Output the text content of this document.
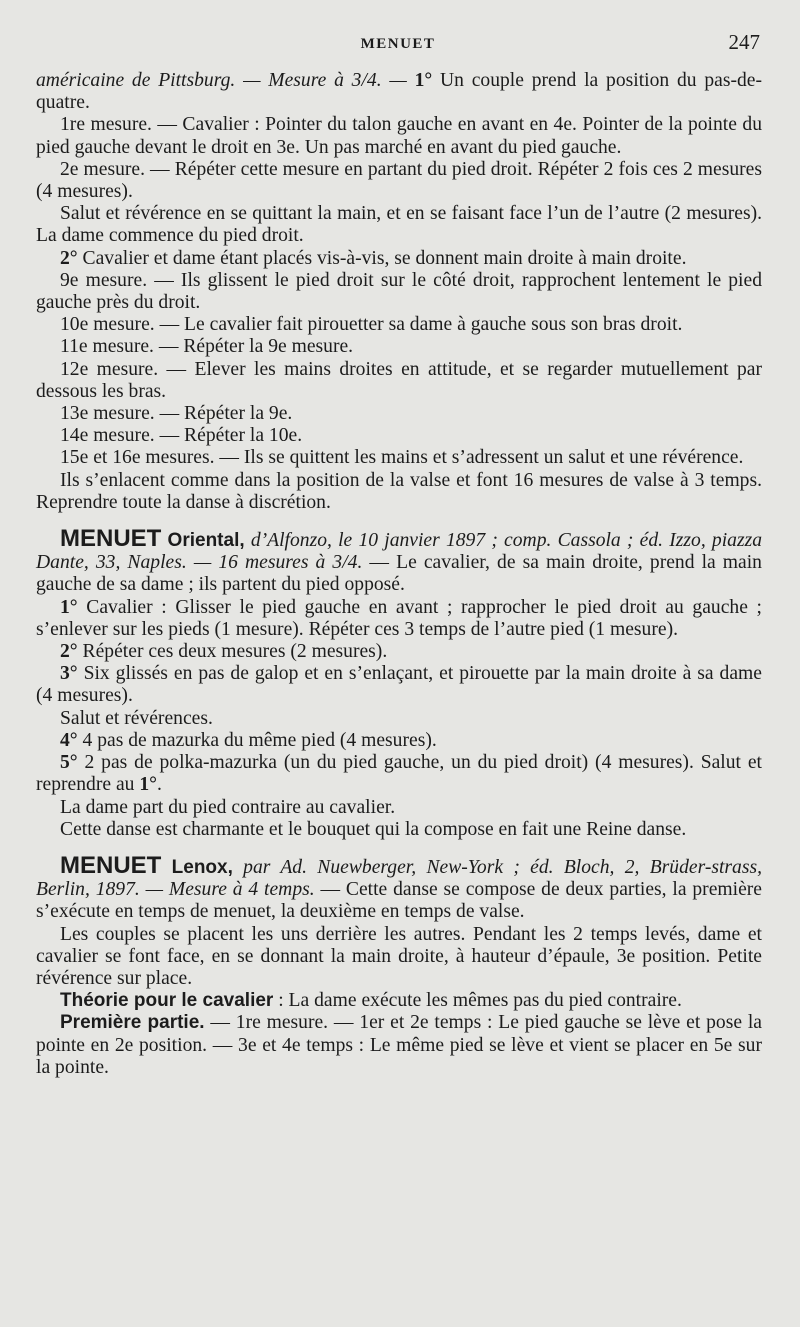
MENUET	247

américaine de Pittsburg. — Mesure à 3/4. — 1° Un couple prend la position du pas-de-quatre.

1re mesure. — Cavalier : Pointer du talon gauche en avant en 4e. Pointer de la pointe du pied gauche devant le droit en 3e. Un pas marché en avant du pied gauche.

2e mesure. — Répéter cette mesure en partant du pied droit. Répéter 2 fois ces 2 mesures (4 mesures).

Salut et révérence en se quittant la main, et en se faisant face l’un de l’autre (2 mesures). La dame commence du pied droit.

2° Cavalier et dame étant placés vis-à-vis, se donnent main droite à main droite.

9e mesure. — Ils glissent le pied droit sur le côté droit, rapprochent lentement le pied gauche près du droit.

10e mesure. — Le cavalier fait pirouetter sa dame à gauche sous son bras droit.

11e mesure. — Répéter la 9e mesure.

12e mesure. — Elever les mains droites en attitude, et se regarder mutuellement par dessous les bras.

13e mesure. — Répéter la 9e.

14e mesure. — Répéter la 10e.

15e et 16e mesures. — Ils se quittent les mains et s’adressent un salut et une révérence.

Ils s’enlacent comme dans la position de la valse et font 16 mesures de valse à 3 temps. Reprendre toute la danse à discrétion.

MENUET Oriental, d’Alfonzo, le 10 janvier 1897 ; comp. Cassola ; éd. Izzo, piazza Dante, 33, Naples. — 16 mesures à 3/4. — Le cavalier, de sa main droite, prend la main gauche de sa dame ; ils partent du pied opposé.

1° Cavalier : Glisser le pied gauche en avant ; rapprocher le pied droit au gauche ; s’enlever sur les pieds (1 mesure). Répéter ces 3 temps de l’autre pied (1 mesure).

2° Répéter ces deux mesures (2 mesures).

3° Six glissés en pas de galop et en s’enlaçant, et pirouette par la main droite à sa dame (4 mesures).

Salut et révérences.

4° 4 pas de mazurka du même pied (4 mesures).

5° 2 pas de polka-mazurka (un du pied gauche, un du pied droit) (4 mesures). Salut et reprendre au 1°.

La dame part du pied contraire au cavalier.

Cette danse est charmante et le bouquet qui la compose en fait une Reine danse.

MENUET Lenox, par Ad. Nuewberger, New-York ; éd. Bloch, 2, Brüder-strass, Berlin, 1897. — Mesure à 4 temps. — Cette danse se compose de deux parties, la première s’exécute en temps de menuet, la deuxième en temps de valse.

Les couples se placent les uns derrière les autres. Pendant les 2 temps levés, dame et cavalier se font face, en se donnant la main droite, à hauteur d’épaule, 3e position. Petite révérence sur place.

Théorie pour le cavalier : La dame exécute les mêmes pas du pied contraire.

Première partie. — 1re mesure. — 1er et 2e temps : Le pied gauche se lève et pose la pointe en 2e position. — 3e et 4e temps : Le même pied se lève et vient se placer en 5e sur la pointe.
